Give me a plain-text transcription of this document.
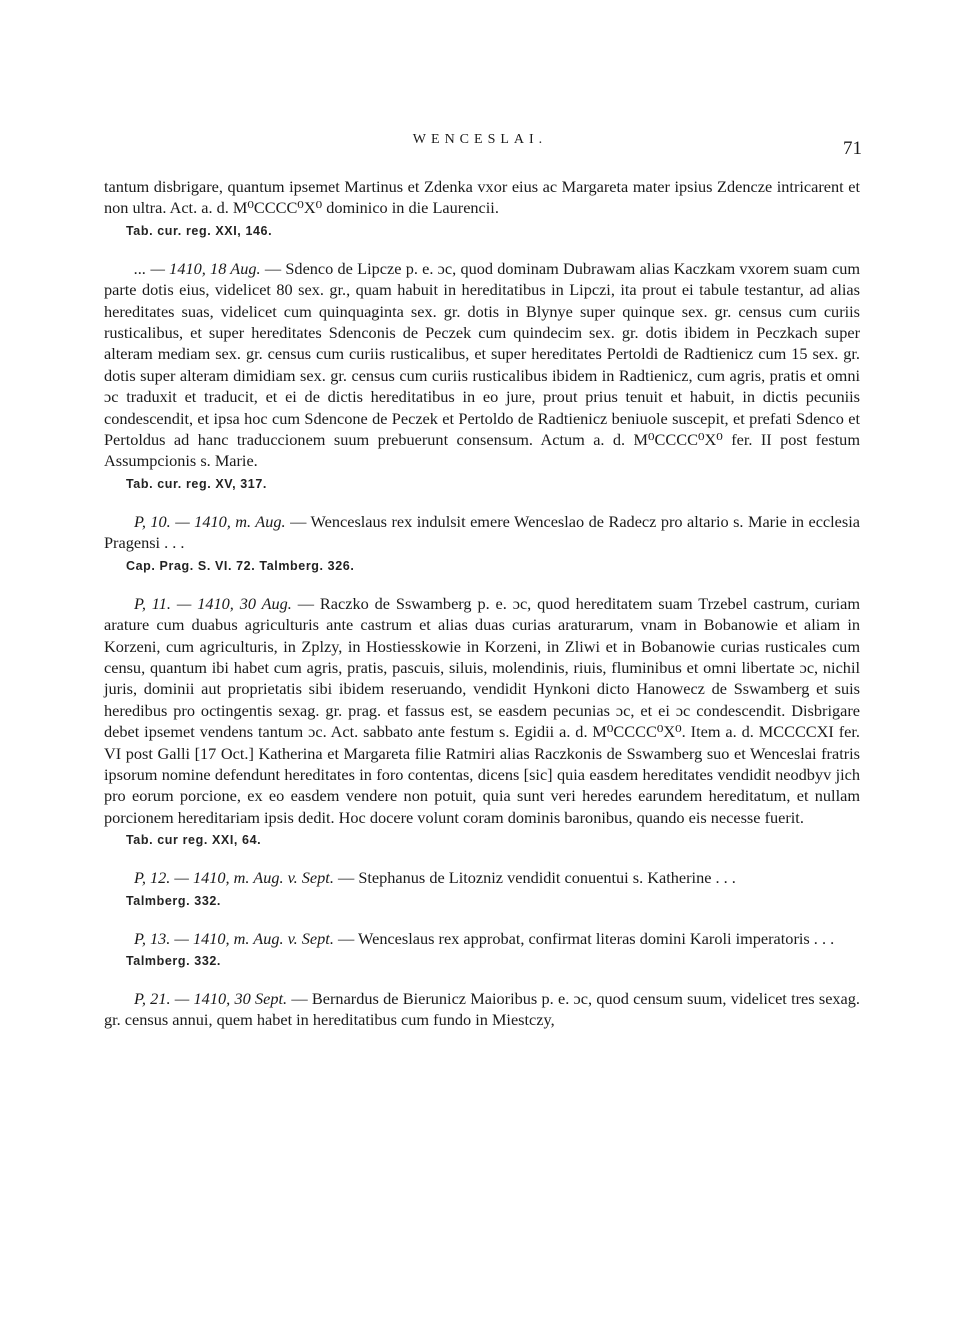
WENCESLAI.	71

tantum disbrigare, quantum ipsemet Martinus et Zdenka vxor eius ac Margareta mater ipsius Zdencze intricarent et non ultra. Act. a. d. M⁰CCCC⁰X⁰ dominico in die Laurencii.

Tab. cur. reg. XXI, 146.

... — 1410, 18 Aug. — Sdenco de Lipcze p. e. ɔc, quod dominam Dubrawam alias Kaczkam vxorem suam cum parte dotis eius, videlicet 80 sex. gr., quam habuit in hereditatibus in Lipczi, ita prout ei tabule testantur, ad alias hereditates suas, videlicet cum quinquaginta sex. gr. dotis in Blynye super quinque sex. gr. census cum curiis rusticalibus, et super hereditates Sdenconis de Peczek cum quindecim sex. gr. dotis ibidem in Peczkach super alteram mediam sex. gr. census cum curiis rusticalibus, et super hereditates Pertoldi de Radtienicz cum 15 sex. gr. dotis super alteram dimidiam sex. gr. census cum curiis rusticalibus ibidem in Radtienicz, cum agris, pratis et omni ɔc traduxit et traducit, et ei de dictis hereditatibus in eo jure, prout prius tenuit et habuit, in dictis pecuniis condescendit, et ipsa hoc cum Sdencone de Peczek et Pertoldo de Radtienicz beniuole suscepit, et prefati Sdenco et Pertoldus ad hanc traduccionem suum prebuerunt consensum. Actum a. d. M⁰CCCC⁰X⁰ fer. II post festum Assumpcionis s. Marie.

Tab. cur. reg. XV, 317.

P, 10. — 1410, m. Aug. — Wenceslaus rex indulsit emere Wenceslao de Radecz pro altario s. Marie in ecclesia Pragensi . . .

Cap. Prag. S. VI. 72. Talmberg. 326.

P, 11. — 1410, 30 Aug. — Raczko de Sswamberg p. e. ɔc, quod hereditatem suam Trzebel castrum, curiam arature cum duabus agriculturis ante castrum et alias duas curias araturarum, vnam in Bobanowie et aliam in Korzeni, cum agriculturis, in Zplzy, in Hostiesskowie in Korzeni, in Zliwi et in Bobanowie curias rusticales cum censu, quantum ibi habet cum agris, pratis, pascuis, siluis, molendinis, riuis, fluminibus et omni libertate ɔc, nichil juris, dominii aut proprietatis sibi ibidem reseruando, vendidit Hynkoni dicto Hanowecz de Sswamberg et suis heredibus pro octingentis sexag. gr. prag. et fassus est, se easdem pecunias ɔc, et ei ɔc condescendit. Disbrigare debet ipsemet vendens tantum ɔc. Act. sabbato ante festum s. Egidii a. d. M⁰CCCC⁰X⁰. Item a. d. MCCCCXI fer. VI post Galli [17 Oct.] Katherina et Margareta filie Ratmiri alias Raczkonis de Sswamberg suo et Wenceslai fratris ipsorum nomine defendunt hereditates in foro contentas, dicens [sic] quia easdem hereditates vendidit neodbyv jich pro eorum porcione, ex eo easdem vendere non potuit, quia sunt veri heredes earundem hereditatum, et nullam porcionem hereditariam ipsis dedit. Hoc docere volunt coram dominis baronibus, quando eis necesse fuerit.

Tab. cur reg. XXI, 64.

P, 12. — 1410, m. Aug. v. Sept. — Stephanus de Litozniz vendidit conuentui s. Katherine . . .

Talmberg. 332.

P, 13. — 1410, m. Aug. v. Sept. — Wenceslaus rex approbat, confirmat literas domini Karoli imperatoris . . .

Talmberg. 332.

P, 21. — 1410, 30 Sept. — Bernardus de Bierunicz Maioribus p. e. ɔc, quod censum suum, videlicet tres sexag. gr. census annui, quem habet in hereditatibus cum fundo in Miestczy,
